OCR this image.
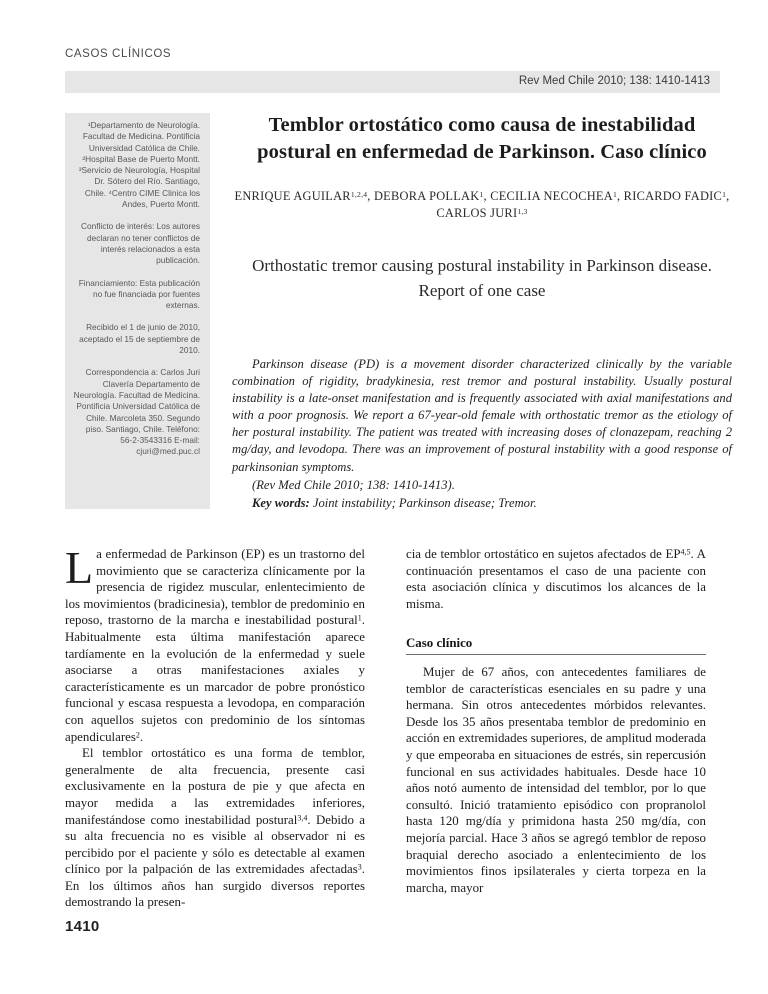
CASOS CLÍNICOS
Rev Med Chile 2010; 138: 1410-1413
¹Departamento de Neurología. Facultad de Medicina. Pontificia Universidad Católica de Chile. ²Hospital Base de Puerto Montt. ³Servicio de Neurología, Hospital Dr. Sótero del Río. Santiago, Chile. ⁴Centro CIME Clinica los Andes, Puerto Montt.
Conflicto de interés: Los autores declaran no tener conflictos de interés relacionados a esta publicación.
Financiamiento: Esta publicación no fue financiada por fuentes externas.
Recibido el 1 de junio de 2010, aceptado el 15 de septiembre de 2010.
Correspondencia a: Carlos Juri Clavería Departamento de Neurología. Facultad de Medicina. Pontificia Universidad Católica de Chile. Marcoleta 350. Segundo piso. Santiago, Chile. Teléfono: 56-2-3543316 E-mail: cjuri@med.puc.cl
Temblor ortostático como causa de inestabilidad postural en enfermedad de Parkinson. Caso clínico
ENRIQUE AGUILAR$^{1,2,4}$, DEBORA POLLAK$^1$, CECILIA NECOCHEA$^1$, RICARDO FADIC$^1$, CARLOS JURI$^{1,3}$
Orthostatic tremor causing postural instability in Parkinson disease. Report of one case

Parkinson disease (PD) is a movement disorder characterized clinically by the variable combination of rigidity, bradykinesia, rest tremor and postural instability. Usually postural instability is a late-onset manifestation and is frequently associated with axial manifestations and with a poor prognosis. We report a 67-year-old female with orthostatic tremor as the etiology of her postural instability. The patient was treated with increasing doses of clonazepam, reaching 2 mg/day, and levodopa. There was an improvement of postural instability with a good response of parkinsonian symptoms.

(Rev Med Chile 2010; 138: 1410-1413).

Key words: Joint instability; Parkinson disease; Tremor.

La enfermedad de Parkinson (EP) es un trastorno del movimiento que se caracteriza clínicamente por la presencia de rigidez muscular, enlentecimiento de los movimientos (bradicinesia), temblor de predominio en reposo, trastorno de la marcha e inestabilidad postural$^1$. Habitualmente esta última manifestación aparece tardíamente en la evolución de la enfermedad y suele asociarse a otras manifestaciones axiales y característicamente es un marcador de pobre pronóstico funcional y escasa respuesta a levodopa, en comparación con aquellos sujetos con predominio de los síntomas apendiculares$^2$.

El temblor ortostático es una forma de temblor, generalmente de alta frecuencia, presente casi exclusivamente en la postura de pie y que afecta en mayor medida a las extremidades inferiores, manifestándose como inestabilidad postural$^{3,4}$. Debido a su alta frecuencia no es visible al observador ni es percibido por el paciente y sólo es detectable al examen clínico por la palpación de las extremidades afectadas$^3$. En los últimos años han surgido diversos reportes demostrando la presen-

cia de temblor ortostático en sujetos afectados de EP$^{4,5}$. A continuación presentamos el caso de una paciente con esta asociación clínica y discutimos los alcances de la misma.

Caso clínico

Mujer de 67 años, con antecedentes familiares de temblor de características esenciales en su padre y una hermana. Sin otros antecedentes mórbidos relevantes. Desde los 35 años presentaba temblor de predominio en acción en extremidades superiores, de amplitud moderada y que empeoraba en situaciones de estrés, sin repercusión funcional en sus actividades habituales. Desde hace 10 años notó aumento de intensidad del temblor, por lo que consultó. Inició tratamiento episódico con propranolol hasta 120 mg/día y primidona hasta 250 mg/día, con mejoría parcial. Hace 3 años se agregó temblor de reposo braquial derecho asociado a enlentecimiento de los movimientos finos ipsilaterales y cierta torpeza en la marcha, mayor

1410
